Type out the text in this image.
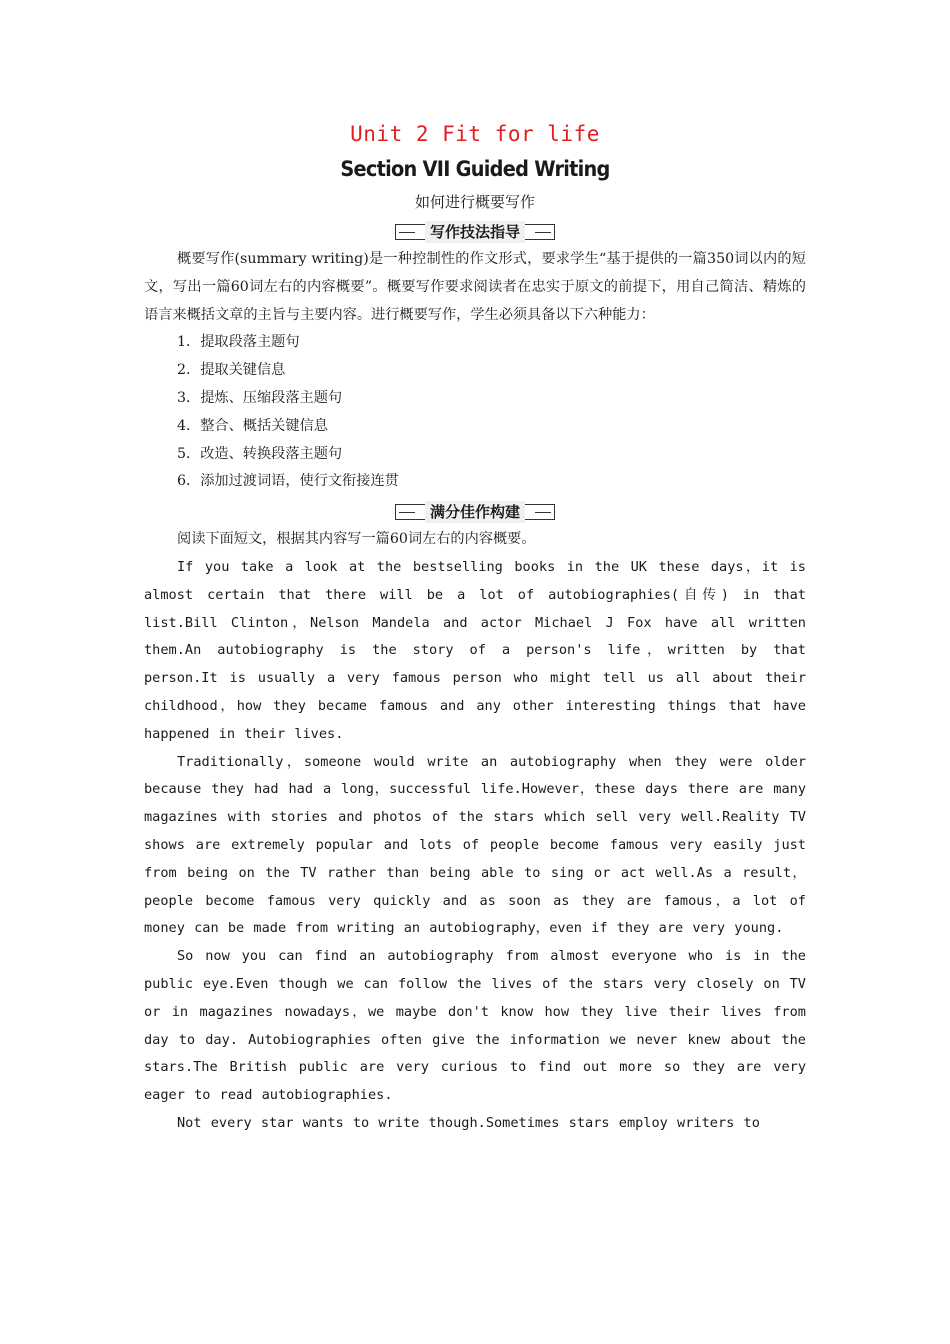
Unit 2 Fit for life
Section VII Guided Writing
如何进行概要写作
写作技法指导

概要写作(summary writing)是一种控制性的作文形式，要求学生“基于提供的一篇350词以内的短文，写出一篇60词左右的内容概要”。概要写作要求阅读者在忠实于原文的前提下，用自己简洁、精炼的语言来概括文章的主旨与主要内容。进行概要写作，学生必须具备以下六种能力：

1．提取段落主题句

2．提取关键信息

3．提炼、压缩段落主题句

4．整合、概括关键信息

5．改造、转换段落主题句

6．添加过渡词语，使行文衔接连贯

满分佳作构建

阅读下面短文，根据其内容写一篇60词左右的内容概要。

If you take a look at the bestselling books in the UK these days，it is almost certain that there will be a lot of autobiographies(自传) in that list.Bill Clinton，Nelson Mandela and actor Michael J Fox have all written them.An autobiography is the story of a person's life，written by that person.It is usually a very famous person who might tell us all about their childhood，how they became famous and any other interesting things that have happened in their lives.

Traditionally，someone would write an autobiography when they were older because they had had a long，successful life.However，these days there are many magazines with stories and photos of the stars which sell very well.Reality TV shows are extremely popular and lots of people become famous very easily just from being on the TV rather than being able to sing or act well.As a result，people become famous very quickly and as soon as they are famous，a lot of money can be made from writing an autobiography，even if they are very young.

So now you can find an autobiography from almost everyone who is in the public eye.Even though we can follow the lives of the stars very closely on TV or in magazines nowadays，we maybe don't know how they live their lives from day to day. Autobiographies often give the information we never knew about the stars.The British public are very curious to find out more so they are very eager to read autobiographies.

Not every star wants to write though.Sometimes stars employ writers to
